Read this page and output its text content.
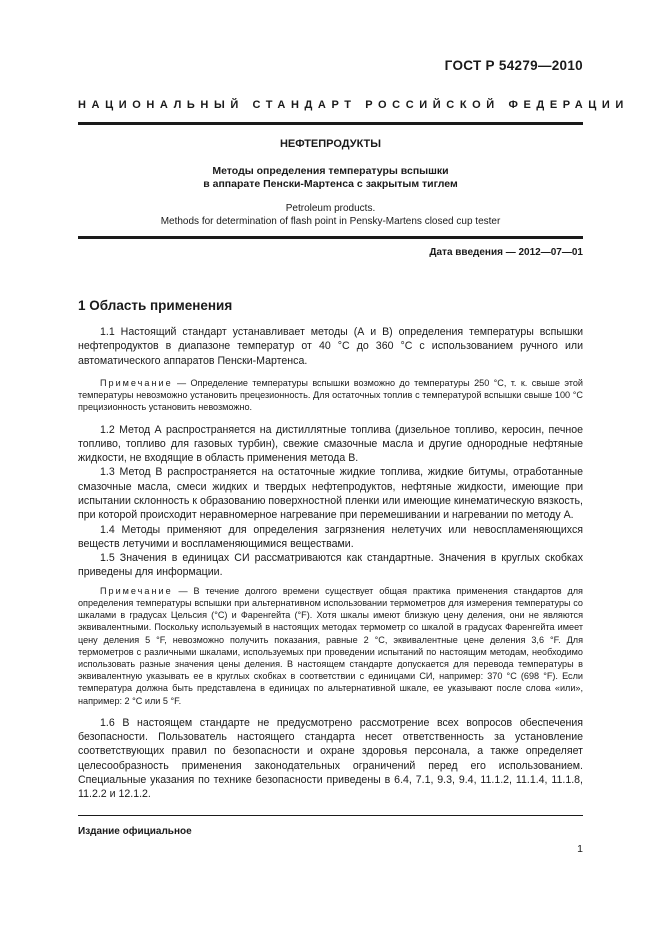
ГОСТ Р 54279—2010
НАЦИОНАЛЬНЫЙ СТАНДАРТ РОССИЙСКОЙ ФЕДЕРАЦИИ
НЕФТЕПРОДУКТЫ
Методы определения температуры вспышки
в аппарате Пенски-Мартенса с закрытым тиглем
Petroleum products.
Methods for determination of flash point in Pensky-Martens closed cup tester
Дата введения — 2012—07—01
1 Область применения

1.1 Настоящий стандарт устанавливает методы (А и В) определения температуры вспышки нефтепродуктов в диапазоне температур от 40 °С до 360 °С с использованием ручного или автоматического аппаратов Пенски-Мартенса.

Примечание — Определение температуры вспышки возможно до температуры 250 °С, т. к. свыше этой температуры невозможно установить прецезионность. Для остаточных топлив с температурой вспышки свыше 100 °С прецизионность установить невозможно.

1.2 Метод А распространяется на дистиллятные топлива (дизельное топливо, керосин, печное топливо, топливо для газовых турбин), свежие смазочные масла и другие однородные нефтяные жидкости, не входящие в область применения метода В.

1.3 Метод В распространяется на остаточные жидкие топлива, жидкие битумы, отработанные смазочные масла, смеси жидких и твердых нефтепродуктов, нефтяные жидкости, имеющие при испытании склонность к образованию поверхностной пленки или имеющие кинематическую вязкость, при которой происходит неравномерное нагревание при перемешивании и нагревании по методу А.

1.4 Методы применяют для определения загрязнения нелетучих или невоспламеняющихся веществ летучими и воспламеняющимися веществами.

1.5 Значения в единицах СИ рассматриваются как стандартные. Значения в круглых скобках приведены для информации.

Примечание — В течение долгого времени существует общая практика применения стандартов для определения температуры вспышки при альтернативном использовании термометров для измерения температуры со шкалами в градусах Цельсия (°С) и Фаренгейта (°F). Хотя шкалы имеют близкую цену деления, они не являются эквивалентными. Поскольку используемый в настоящих методах термометр со шкалой в градусах Фаренгейта имеет цену деления 5 °F, невозможно получить показания, равные 2 °С, эквивалентные цене деления 3,6 °F. Для термометров с различными шкалами, используемых при проведении испытаний по настоящим методам, необходимо использовать разные значения цены деления. В настоящем стандарте допускается для перевода температуры в эквивалентную указывать ее в круглых скобках в соответствии с единицами СИ, например: 370 °С (698 °F). Если температура должна быть представлена в единицах по альтернативной шкале, ее указывают после слова «или», например: 2 °С или 5 °F.

1.6 В настоящем стандарте не предусмотрено рассмотрение всех вопросов обеспечения безопасности. Пользователь настоящего стандарта несет ответственность за установление соответствующих правил по безопасности и охране здоровья персонала, а также определяет целесообразность применения законодательных ограничений перед его использованием. Специальные указания по технике безопасности приведены в 6.4, 7.1, 9.3, 9.4, 11.1.2, 11.1.4, 11.1.8, 11.2.2 и 12.1.2.

Издание официальное
1
